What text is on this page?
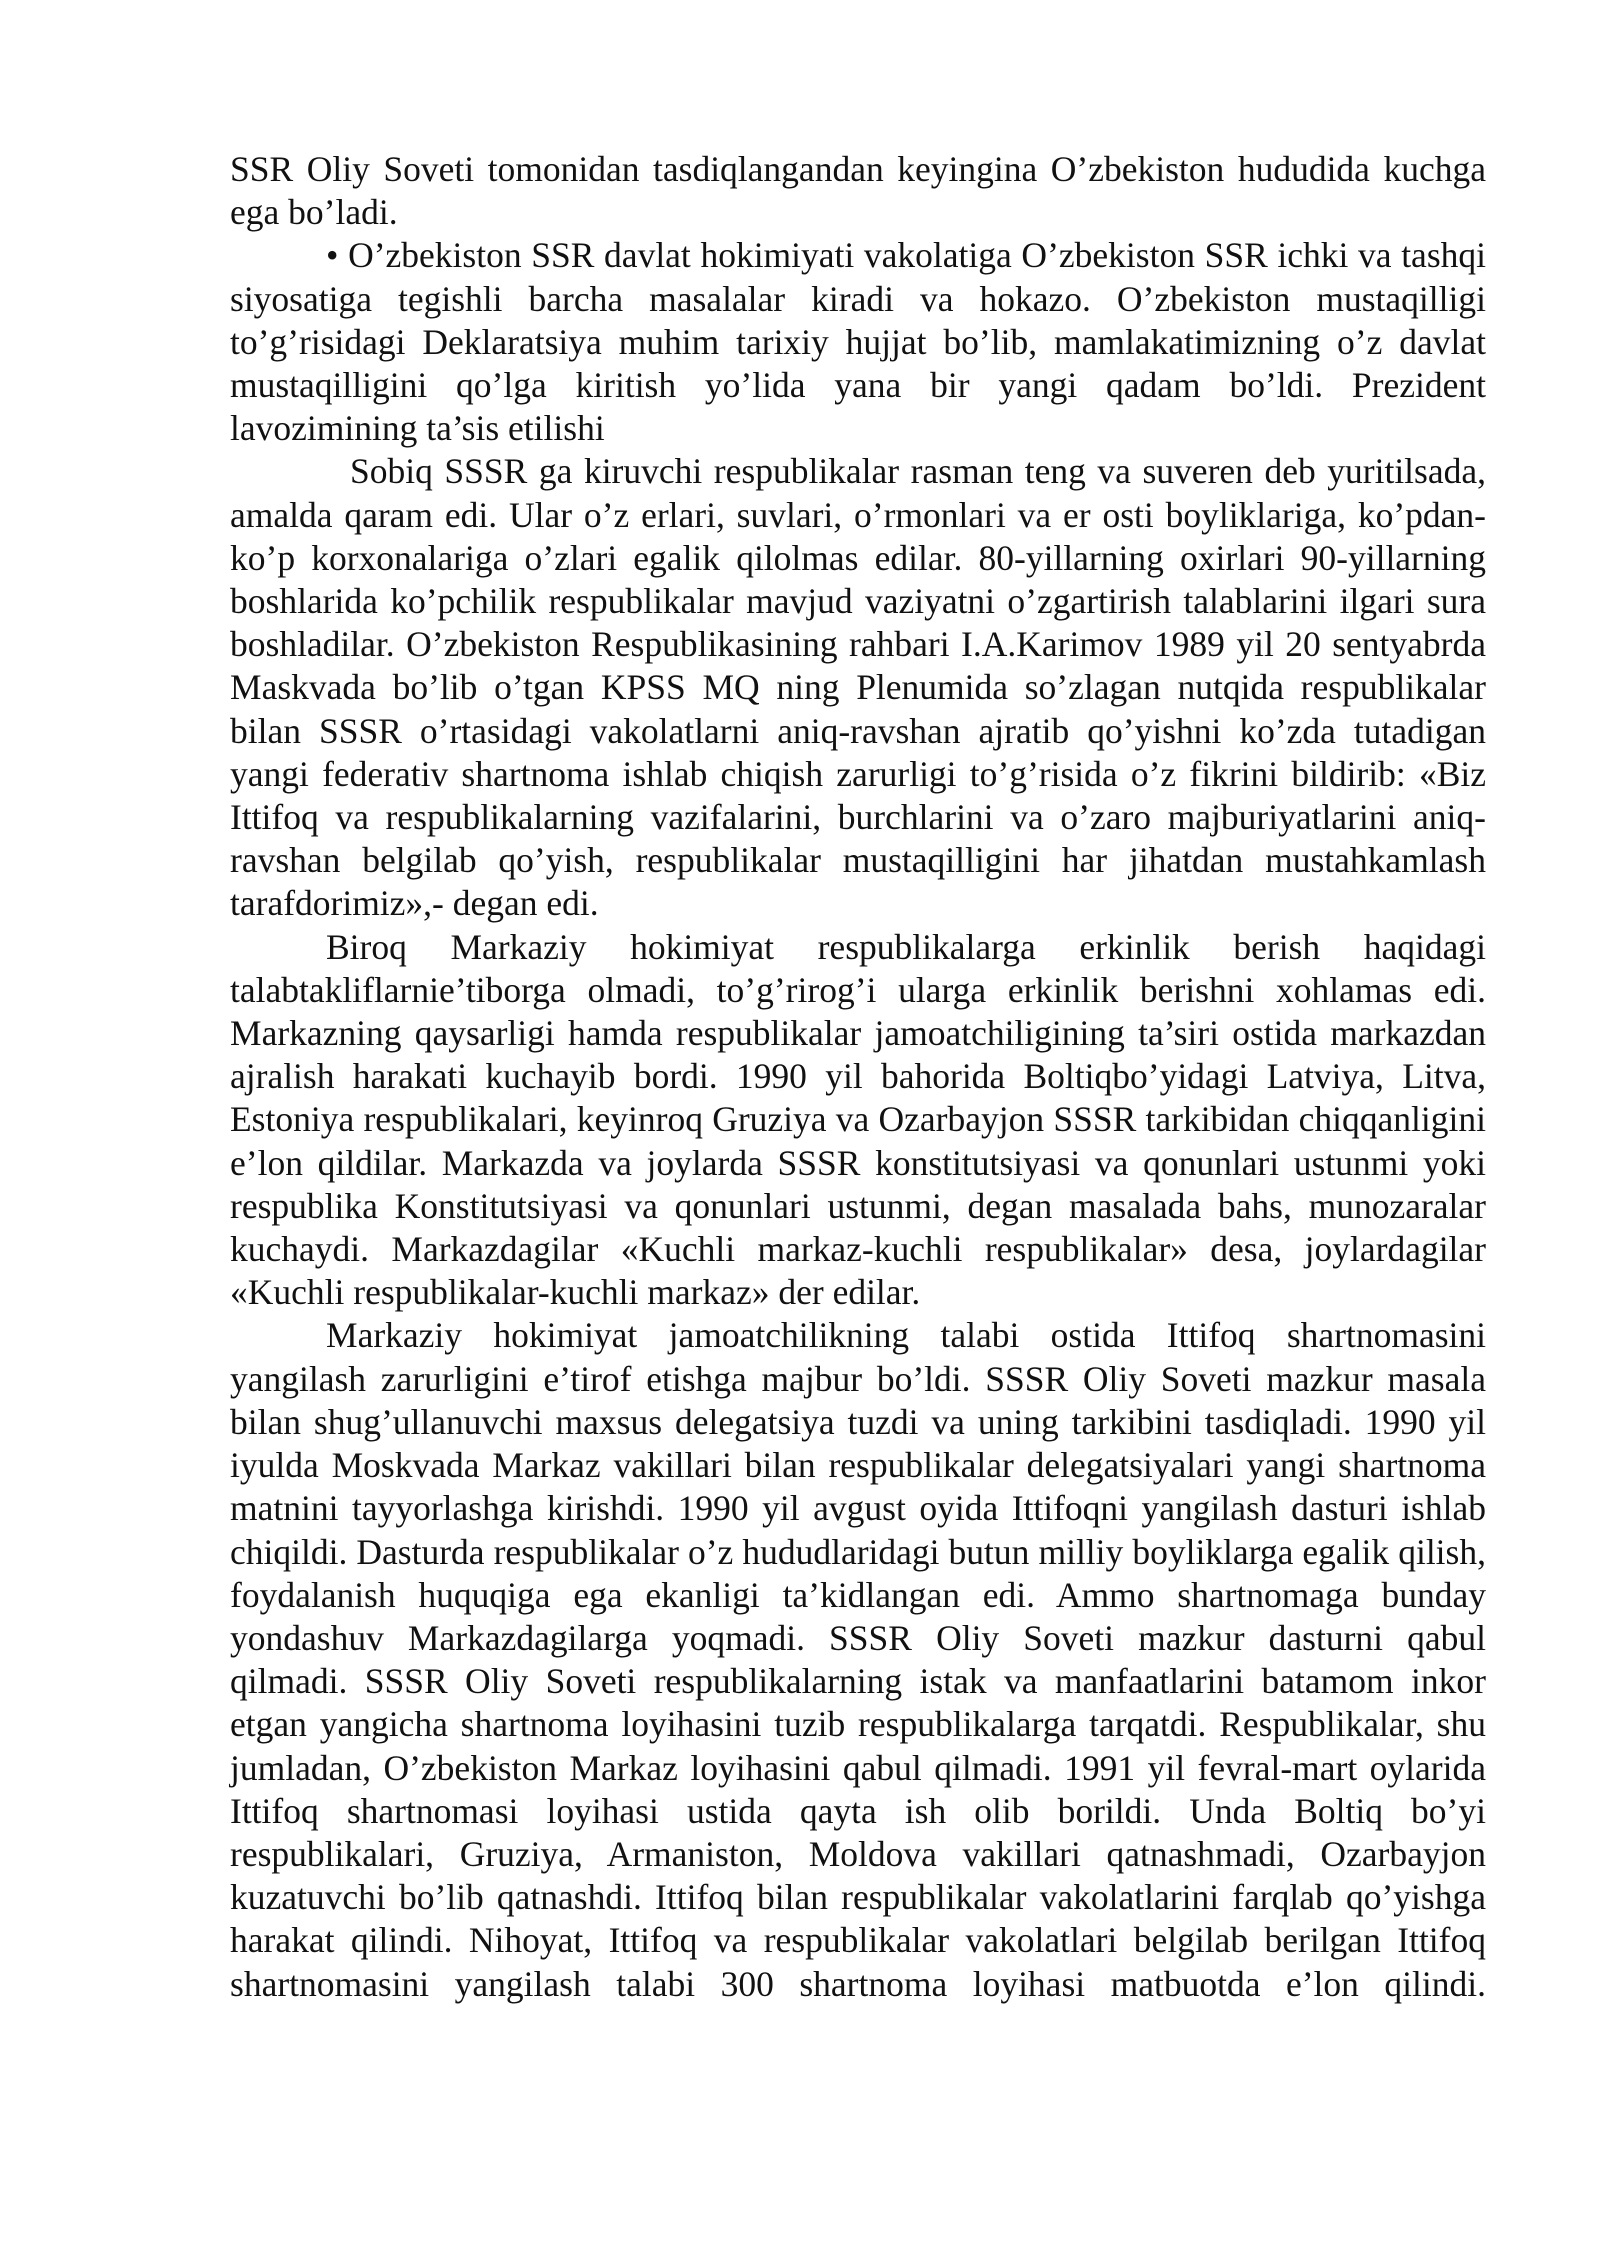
SSR Oliy Soveti tomonidan tasdiqlangandan keyingina O’zbekiston hududida kuchga ega bo’ladi.

• O’zbekiston SSR davlat hokimiyati vakolatiga O’zbekiston SSR ichki va tashqi siyosatiga tegishli barcha masalalar kiradi va hokazo. O’zbekiston mustaqilligi to’g’risidagi Deklaratsiya muhim tarixiy hujjat bo’lib, mamlakatimizning o’z davlat mustaqilligini qo’lga kiritish yo’lida yana bir yangi qadam bo’ldi. Prezident lavozimining ta’sis etilishi

Sobiq SSSR ga kiruvchi respublikalar rasman teng va suveren deb yuritilsada, amalda qaram edi. Ular o’z erlari, suvlari, o’rmonlari va er osti boyliklariga, ko’pdan-ko’p korxonalariga o’zlari egalik qilolmas edilar. 80-yillarning oxirlari 90-yillarning boshlarida ko’pchilik respublikalar mavjud vaziyatni o’zgartirish talablarini ilgari sura boshladilar. O’zbekiston Respublikasining rahbari I.A.Karimov 1989 yil 20 sentyabrda Maskvada bo’lib o’tgan KPSS MQ ning Plenumida so’zlagan nutqida respublikalar bilan SSSR o’rtasidagi vakolatlarni aniq-ravshan ajratib qo’yishni ko’zda tutadigan yangi federativ shartnoma ishlab chiqish zarurligi to’g’risida o’z fikrini bildirib: «Biz Ittifoq va respublikalarning vazifalarini, burchlarini va o’zaro majburiyatlarini aniq-ravshan belgilab qo’yish, respublikalar mustaqilligini har jihatdan mustahkamlash tarafdorimiz»,- degan edi.

Biroq Markaziy hokimiyat respublikalarga erkinlik berish haqidagi talabtakliflarnie’tiborga olmadi, to’g’rirog’i ularga erkinlik berishni xohlamas edi. Markazning qaysarligi hamda respublikalar jamoatchiligining ta’siri ostida markazdan ajralish harakati kuchayib bordi. 1990 yil bahorida Boltiqbo’yidagi Latviya, Litva, Estoniya respublikalari, keyinroq Gruziya va Ozarbayjon SSSR tarkibidan chiqqanligini e’lon qildilar. Markazda va joylarda SSSR konstitutsiyasi va qonunlari ustunmi yoki respublika Konstitutsiyasi va qonunlari ustunmi, degan masalada bahs, munozaralar kuchaydi. Markazdagilar «Kuchli markaz-kuchli respublikalar» desa, joylardagilar «Kuchli respublikalar-kuchli markaz» der edilar.

Markaziy hokimiyat jamoatchilikning talabi ostida Ittifoq shartnomasini yangilash zarurligini e’tirof etishga majbur bo’ldi. SSSR Oliy Soveti mazkur masala bilan shug’ullanuvchi maxsus delegatsiya tuzdi va uning tarkibini tasdiqladi. 1990 yil iyulda Moskvada Markaz vakillari bilan respublikalar delegatsiyalari yangi shartnoma matnini tayyorlashga kirishdi. 1990 yil avgust oyida Ittifoqni yangilash dasturi ishlab chiqildi. Dasturda respublikalar o’z hududlaridagi butun milliy boyliklarga egalik qilish, foydalanish huquqiga ega ekanligi ta’kidlangan edi. Ammo shartnomaga bunday yondashuv Markazdagilarga yoqmadi. SSSR Oliy Soveti mazkur dasturni qabul qilmadi. SSSR Oliy Soveti respublikalarning istak va manfaatlarini batamom inkor etgan yangicha shartnoma loyihasini tuzib respublikalarga tarqatdi. Respublikalar, shu jumladan, O’zbekiston Markaz loyihasini qabul qilmadi. 1991 yil fevral-mart oylarida Ittifoq shartnomasi loyihasi ustida qayta ish olib borildi. Unda Boltiq bo’yi respublikalari, Gruziya, Armaniston, Moldova vakillari qatnashmadi, Ozarbayjon kuzatuvchi bo’lib qatnashdi. Ittifoq bilan respublikalar vakolatlarini farqlab qo’yishga harakat qilindi. Nihoyat, Ittifoq va respublikalar vakolatlari belgilab berilgan Ittifoq shartnomasini yangilash talabi 300 shartnoma loyihasi matbuotda e’lon qilindi.
